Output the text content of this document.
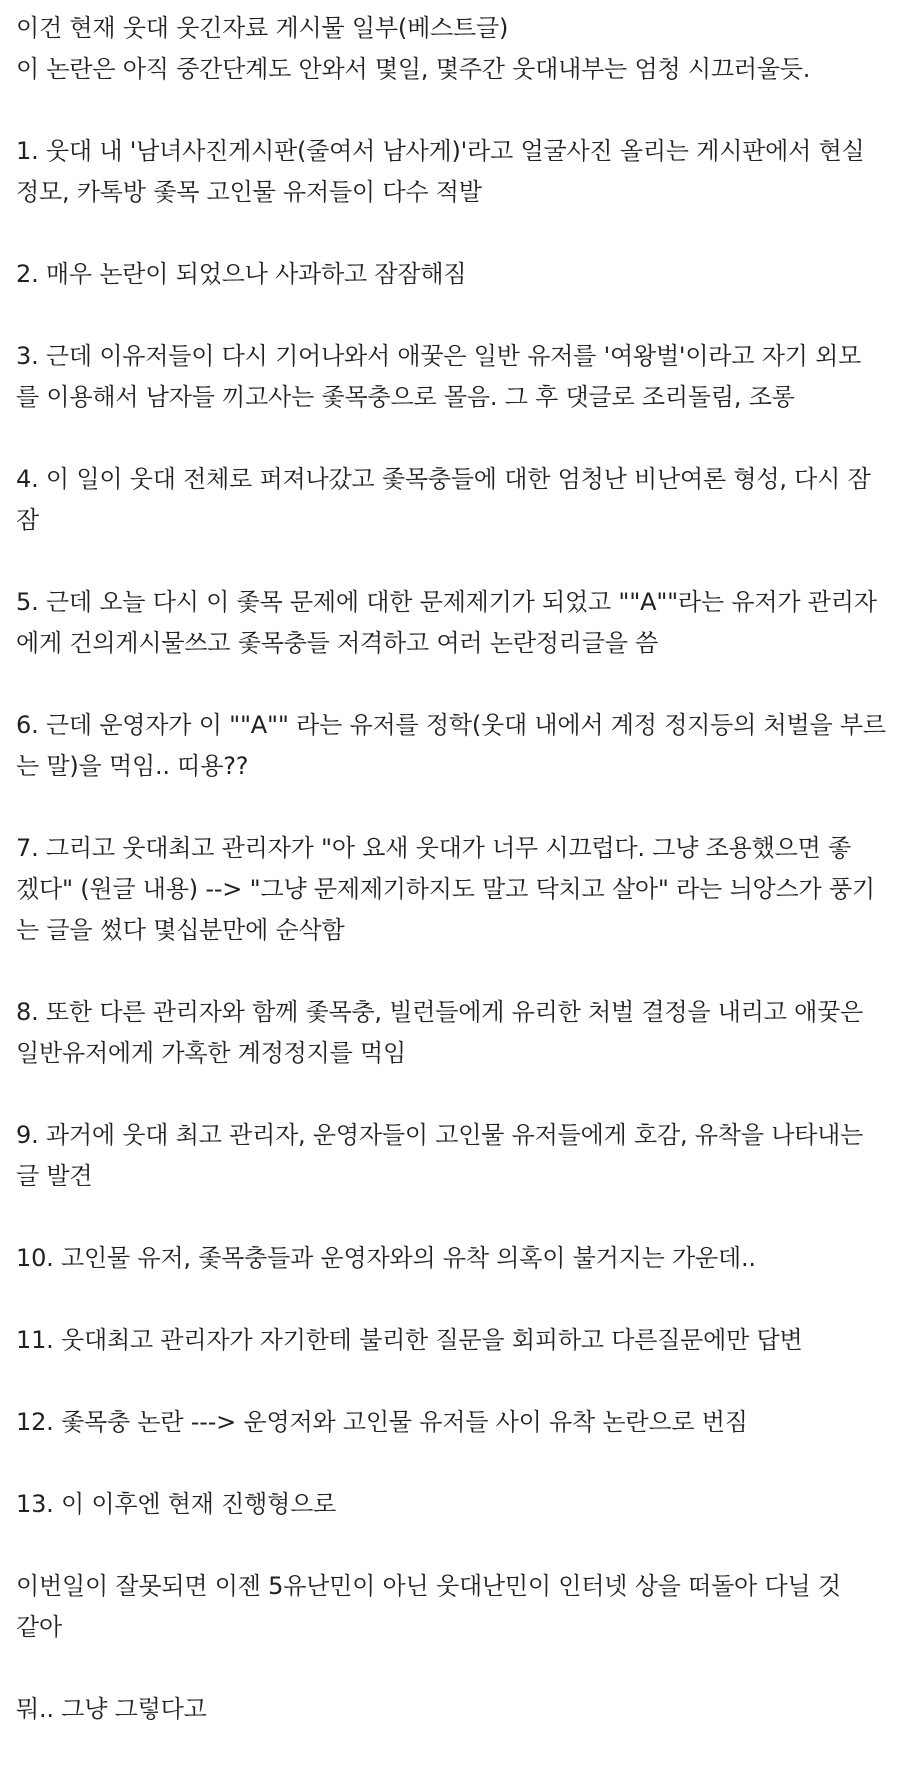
이건 현재 웃대 웃긴자료 게시물 일부(베스트글)
이 논란은 아직 중간단계도 안와서 몇일, 몇주간 웃대내부는 엄청 시끄러울듯.
1. 웃대 내 '남녀사진게시판(줄여서 남사게)'라고 얼굴사진 올리는 게시판에서 현실
정모, 카톡방 좇목 고인물 유저들이 다수 적발
2. 매우 논란이 되었으나 사과하고 잠잠해짐
3. 근데 이유저들이 다시 기어나와서 애꿎은 일반 유저를 '여왕벌'이라고 자기 외모
를 이용해서 남자들 끼고사는 좇목충으로 몰음. 그 후 댓글로 조리돌림, 조롱
4. 이 일이 웃대 전체로 퍼져나갔고 좇목충들에 대한 엄청난 비난여론 형성, 다시 잠
잠
5. 근데 오늘 다시 이 좇목 문제에 대한 문제제기가 되었고 ""A""라는 유저가 관리자
에게 건의게시물쓰고 좇목충들 저격하고 여러 논란정리글을 씀
6. 근데 운영자가 이 ""A"" 라는 유저를 정학(웃대 내에서 계정 정지등의 처벌을 부르
는 말)을 먹임.. 띠용??
7. 그리고 웃대최고 관리자가 "아 요새 웃대가 너무 시끄럽다. 그냥 조용했으면 좋
겠다" (원글 내용) --> "그냥 문제제기하지도 말고 닥치고 살아" 라는 늬앙스가 풍기
는 글을 썼다 몇십분만에 순삭함
8. 또한 다른 관리자와 함께 좇목충, 빌런들에게 유리한 처벌 결정을 내리고 애꿎은
일반유저에게 가혹한 계정정지를 먹임
9. 과거에 웃대 최고 관리자, 운영자들이 고인물 유저들에게 호감, 유착을 나타내는
글 발견
10. 고인물 유저, 좇목충들과 운영자와의 유착 의혹이 불거지는 가운데..
11. 웃대최고 관리자가 자기한테 불리한 질문을 회피하고 다른질문에만 답변
12. 좇목충 논란 ---> 운영저와 고인물 유저들 사이 유착 논란으로 번짐
13. 이 이후엔 현재 진행형으로
이번일이 잘못되면 이젠 5유난민이 아닌 웃대난민이 인터넷 상을 떠돌아 다닐 것
같아
뭐.. 그냥 그렇다고
